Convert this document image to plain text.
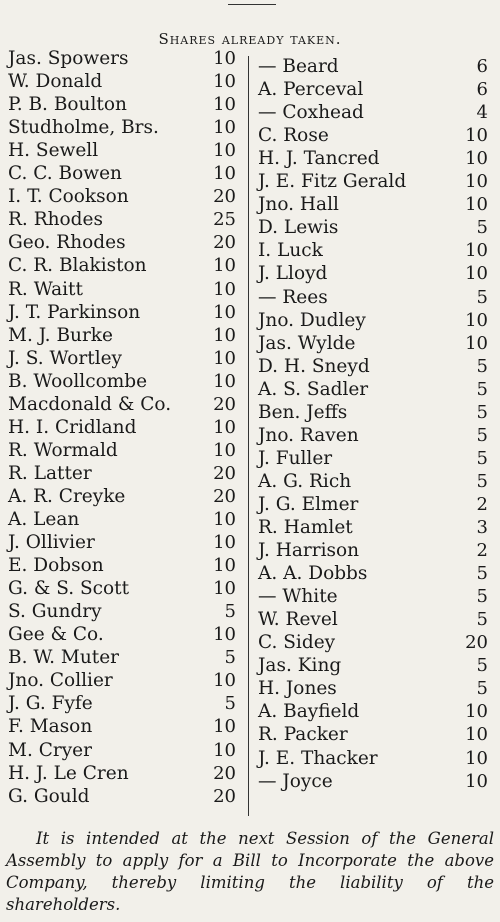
Shares already taken.
Jas. Spowers	10
W. Donald	10
P. B. Boulton	10
Studholme, Brs.	10
H. Sewell	10
C. C. Bowen	10
I. T. Cookson	20
R. Rhodes	25
Geo. Rhodes	20
C. R. Blakiston	10
R. Waitt	10
J. T. Parkinson	10
M. J. Burke	10
J. S. Wortley	10
B. Woollcombe	10
Macdonald & Co. 20
H. I. Cridland	10
R. Wormald	10
R. Latter	20
A. R. Creyke	20
A. Lean	10
J. Ollivier	10
E. Dobson	10
G. & S. Scott	10
S. Gundry	5
Gee & Co.	10
B. W. Muter	5
Jno. Collier	10
J. G. Fyfe	5
F. Mason	10
M. Cryer	10
H. J. Le Cren	20
G. Gould	20
— Beard	6
A. Perceval	6
— Coxhead	4
C. Rose	10
H. J. Tancred	10
J. E. Fitz Gerald	10
Jno. Hall	10
D. Lewis	5
I. Luck	10
J. Lloyd	10
— Rees	5
Jno. Dudley	10
Jas. Wylde	10
D. H. Sneyd	5
A. S. Sadler	5
Ben. Jeffs	5
Jno. Raven	5
J. Fuller	5
A. G. Rich	5
J. G. Elmer	2
R. Hamlet	3
J. Harrison	2
A. A. Dobbs	5
— White	5
W. Revel	5
C. Sidey	20
Jas. King	5
H. Jones	5
A. Bayfield	10
R. Packer	10
J. E. Thacker	10
— Joyce	10
It is intended at the next Session of the General Assembly to apply for a Bill to Incorporate the above Company, thereby limiting the liability of the shareholders.
